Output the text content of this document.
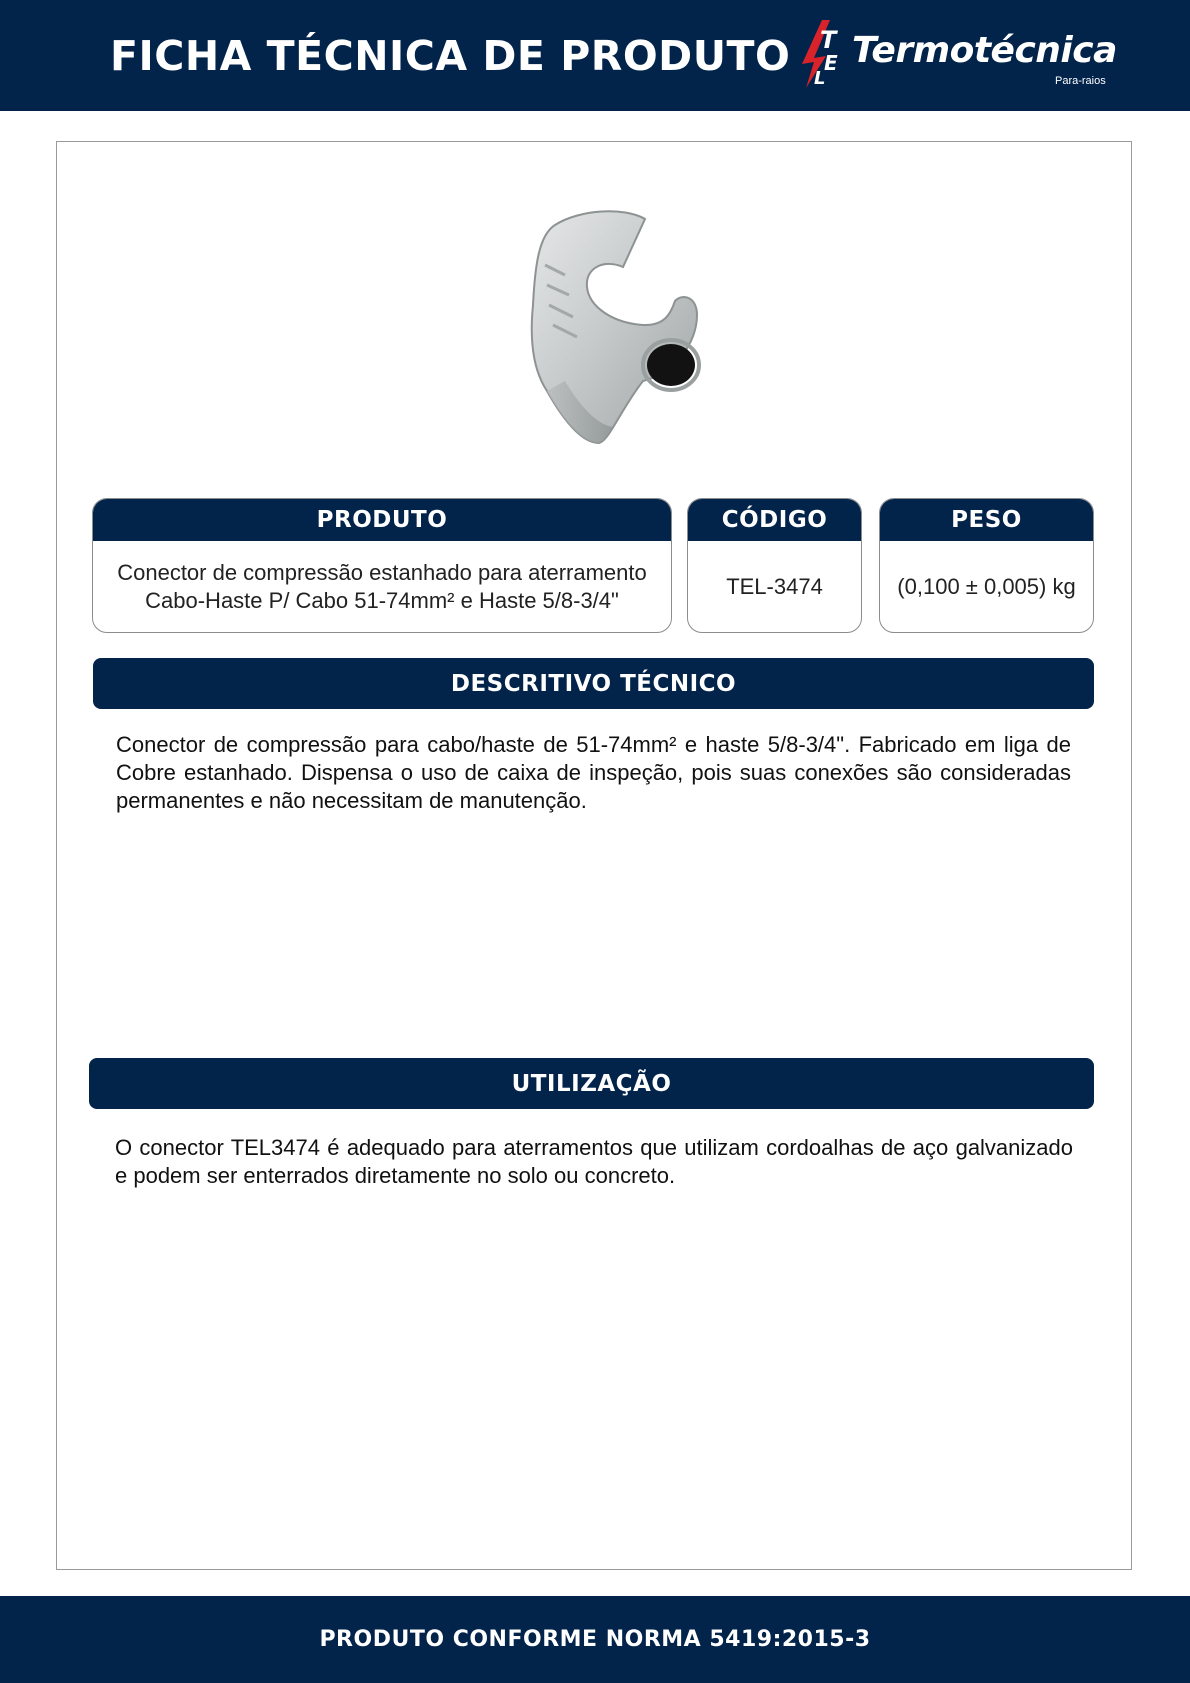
FICHA TÉCNICA DE PRODUTO T
E
L
Termotécnica
Para-raios
PRODUTO
Conector de compressão estanhado para aterramento Cabo-Haste P/ Cabo 51-74mm² e Haste 5/8-3/4"
CÓDIGO
TEL-3474
PESO
(0,100 ± 0,005) kg
DESCRITIVO TÉCNICO
Conector de compressão para cabo/haste de 51-74mm² e haste 5/8-3/4". Fabricado em liga de Cobre estanhado. Dispensa o uso de caixa de inspeção, pois suas conexões são consideradas permanentes e não necessitam de manutenção.
UTILIZAÇÃO
O conector TEL3474 é adequado para aterramentos que utilizam cordoalhas de aço galvanizado e podem ser enterrados diretamente no solo ou concreto.
PRODUTO CONFORME NORMA 5419:2015-3
